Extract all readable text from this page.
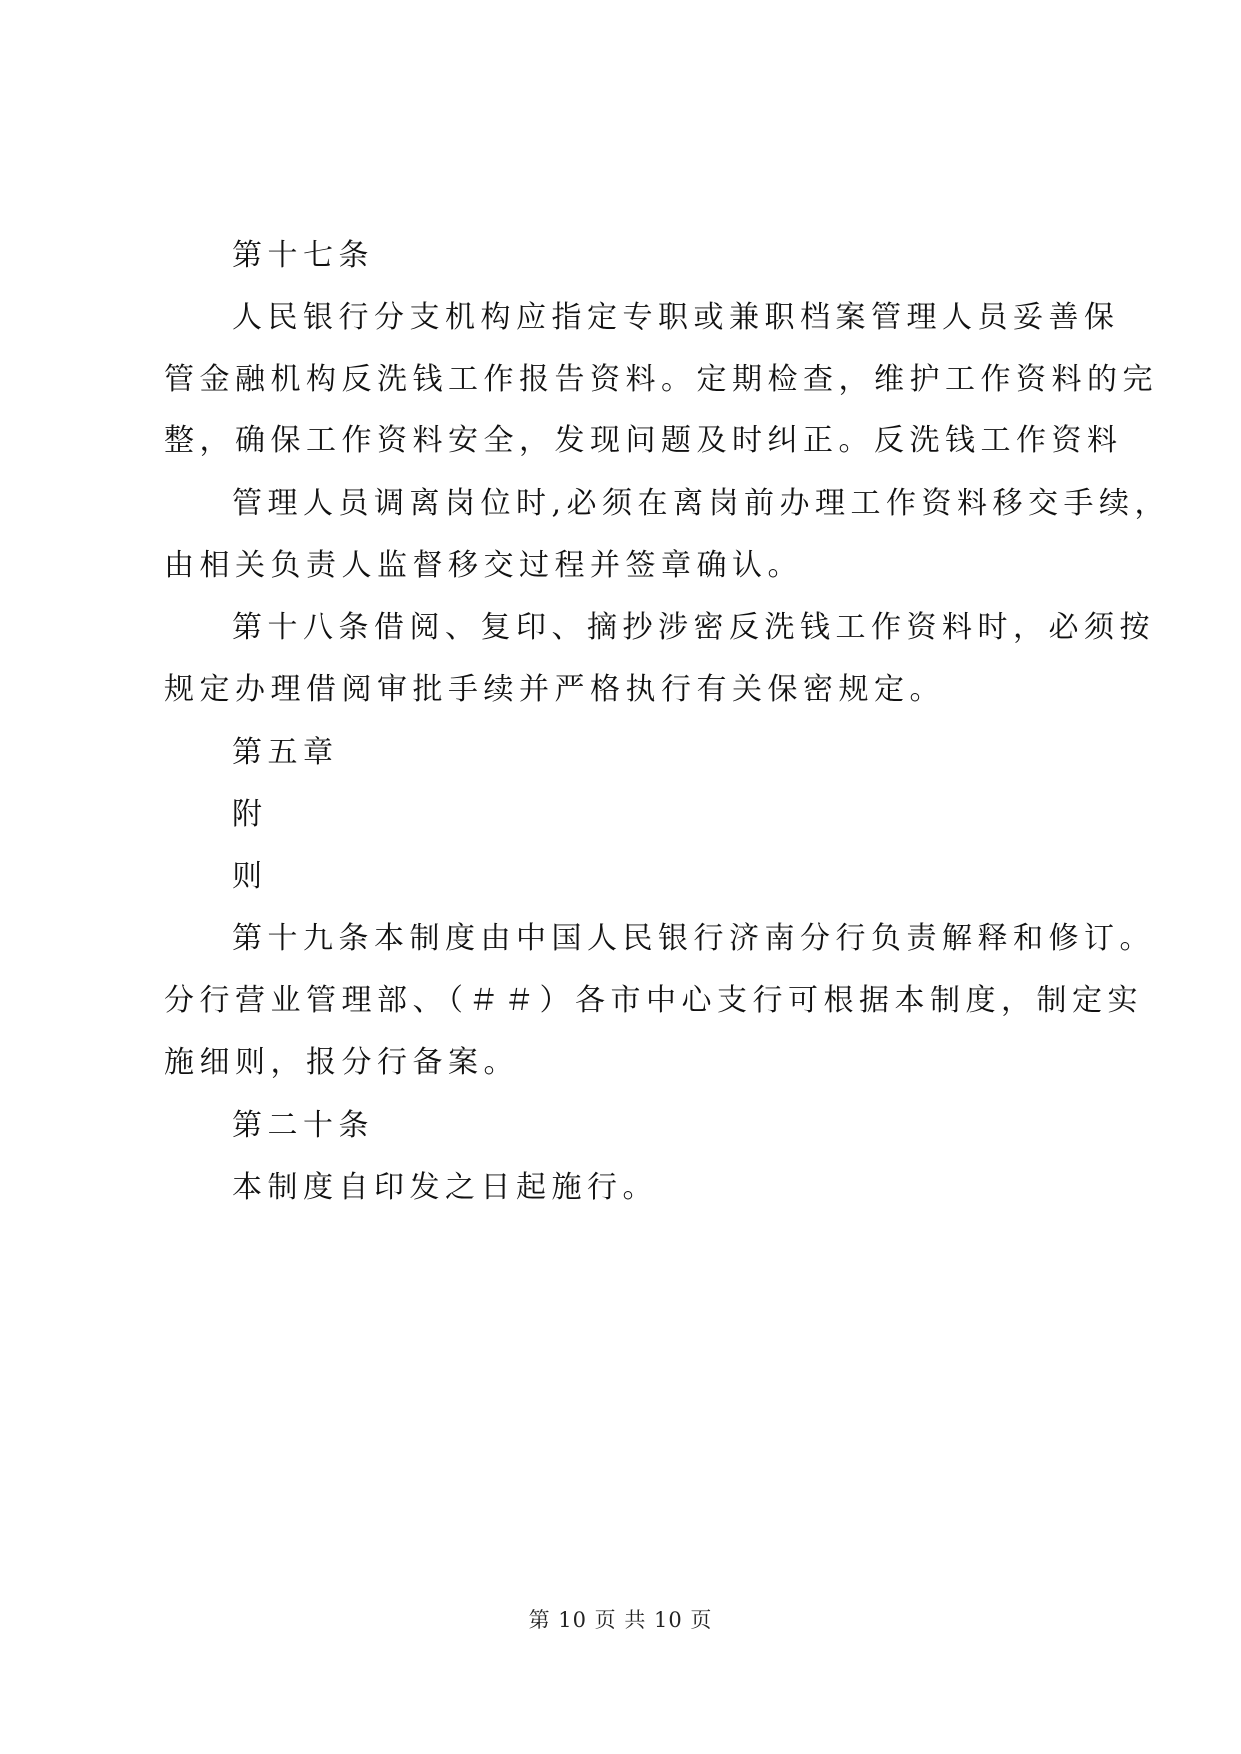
第十七条
人民银行分支机构应指定专职或兼职档案管理人员妥善保
管金融机构反洗钱工作报告资料。定期检查，维护工作资料的完
整，确保工作资料安全，发现问题及时纠正。反洗钱工作资料
管理人员调离岗位时,必须在离岗前办理工作资料移交手续，
由相关负责人监督移交过程并签章确认。
第十八条借阅、复印、摘抄涉密反洗钱工作资料时，必须按
规定办理借阅审批手续并严格执行有关保密规定。
第五章
附
则
第十九条本制度由中国人民银行济南分行负责解释和修订。
分行营业管理部、（＃＃）各市中心支行可根据本制度，制定实
施细则，报分行备案。
第二十条
本制度自印发之日起施行。
第 10 页 共 10 页
